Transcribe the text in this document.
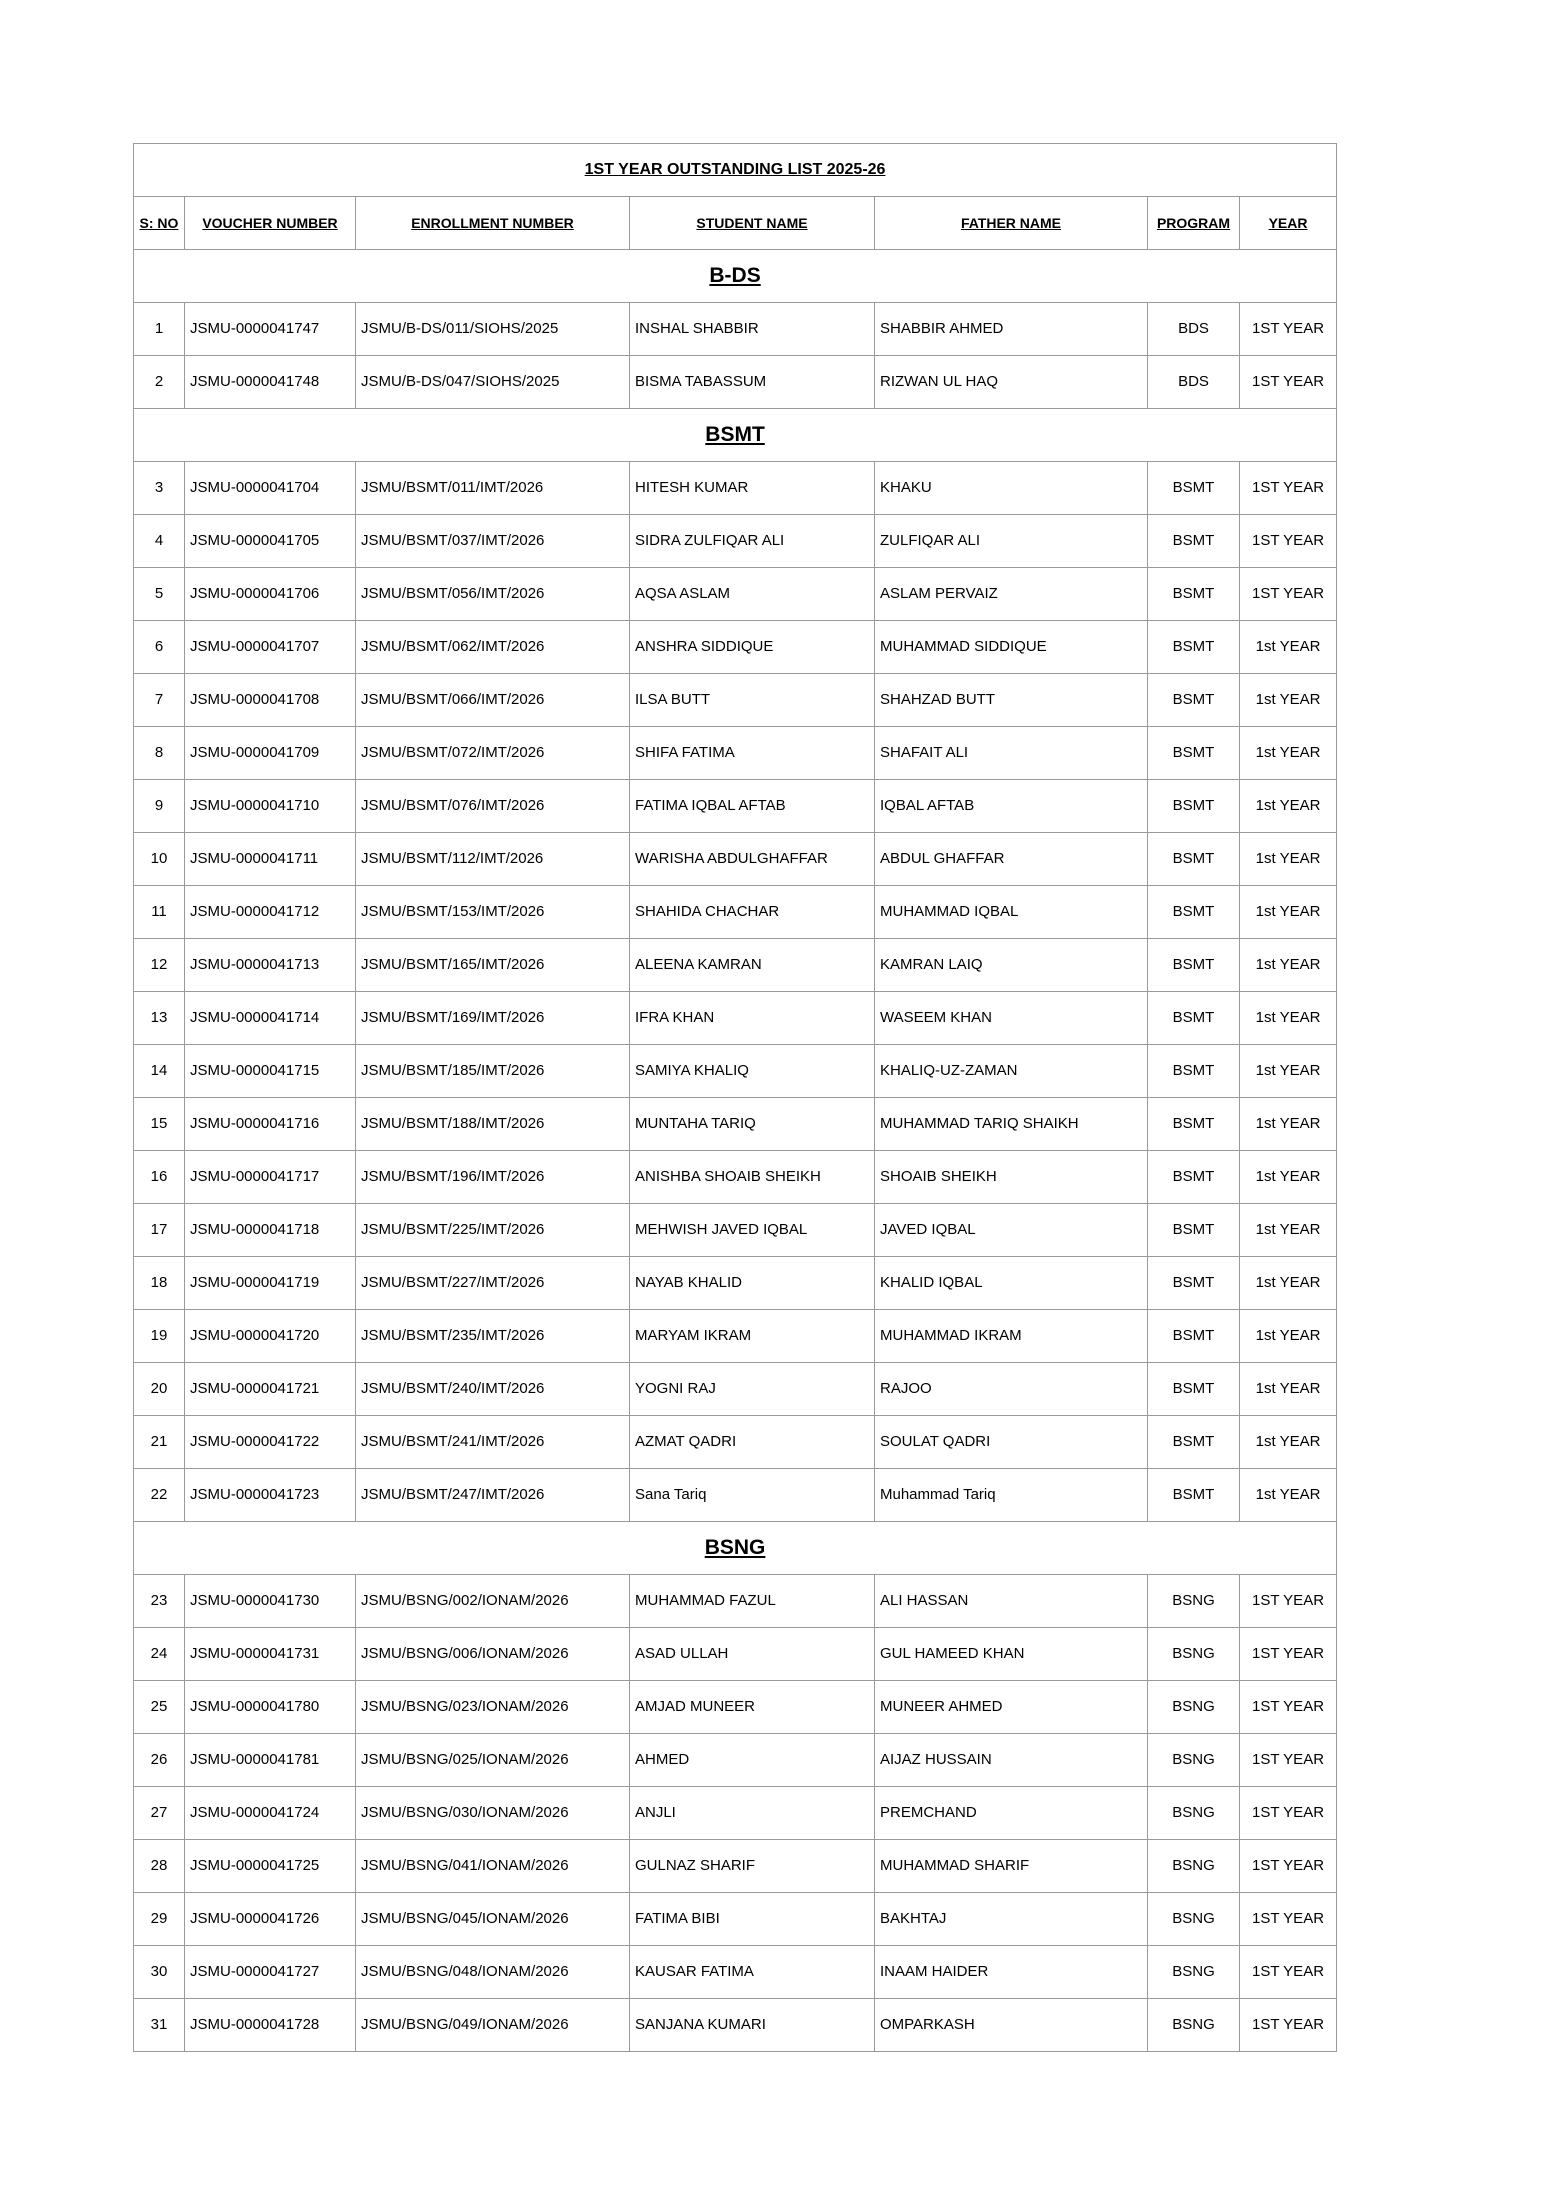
1ST YEAR OUTSTANDING LIST 2025-26						
S: NO	VOUCHER NUMBER	ENROLLMENT NUMBER	STUDENT NAME	FATHER NAME	PROGRAM	YEAR
B-DS						
1	JSMU-0000041747	JSMU/B-DS/011/SIOHS/2025	INSHAL SHABBIR	SHABBIR AHMED	BDS	1ST YEAR
2	JSMU-0000041748	JSMU/B-DS/047/SIOHS/2025	BISMA TABASSUM	RIZWAN UL HAQ	BDS	1ST YEAR
BSMT						
3	JSMU-0000041704	JSMU/BSMT/011/IMT/2026	HITESH KUMAR	KHAKU	BSMT	1ST YEAR
4	JSMU-0000041705	JSMU/BSMT/037/IMT/2026	SIDRA ZULFIQAR ALI	ZULFIQAR ALI	BSMT	1ST YEAR
5	JSMU-0000041706	JSMU/BSMT/056/IMT/2026	AQSA ASLAM	ASLAM PERVAIZ	BSMT	1ST YEAR
6	JSMU-0000041707	JSMU/BSMT/062/IMT/2026	ANSHRA SIDDIQUE	MUHAMMAD SIDDIQUE	BSMT	1st YEAR
7	JSMU-0000041708	JSMU/BSMT/066/IMT/2026	ILSA BUTT	SHAHZAD BUTT	BSMT	1st YEAR
8	JSMU-0000041709	JSMU/BSMT/072/IMT/2026	SHIFA FATIMA	SHAFAIT ALI	BSMT	1st YEAR
9	JSMU-0000041710	JSMU/BSMT/076/IMT/2026	FATIMA IQBAL AFTAB	IQBAL AFTAB	BSMT	1st YEAR
10	JSMU-0000041711	JSMU/BSMT/112/IMT/2026	WARISHA ABDULGHAFFAR	ABDUL GHAFFAR	BSMT	1st YEAR
11	JSMU-0000041712	JSMU/BSMT/153/IMT/2026	SHAHIDA CHACHAR	MUHAMMAD IQBAL	BSMT	1st YEAR
12	JSMU-0000041713	JSMU/BSMT/165/IMT/2026	ALEENA KAMRAN	KAMRAN LAIQ	BSMT	1st YEAR
13	JSMU-0000041714	JSMU/BSMT/169/IMT/2026	IFRA KHAN	WASEEM KHAN	BSMT	1st YEAR
14	JSMU-0000041715	JSMU/BSMT/185/IMT/2026	SAMIYA KHALIQ	KHALIQ-UZ-ZAMAN	BSMT	1st YEAR
15	JSMU-0000041716	JSMU/BSMT/188/IMT/2026	MUNTAHA TARIQ	MUHAMMAD TARIQ SHAIKH	BSMT	1st YEAR
16	JSMU-0000041717	JSMU/BSMT/196/IMT/2026	ANISHBA SHOAIB SHEIKH	SHOAIB SHEIKH	BSMT	1st YEAR
17	JSMU-0000041718	JSMU/BSMT/225/IMT/2026	MEHWISH JAVED IQBAL	JAVED IQBAL	BSMT	1st YEAR
18	JSMU-0000041719	JSMU/BSMT/227/IMT/2026	NAYAB KHALID	KHALID IQBAL	BSMT	1st YEAR
19	JSMU-0000041720	JSMU/BSMT/235/IMT/2026	MARYAM IKRAM	MUHAMMAD IKRAM	BSMT	1st YEAR
20	JSMU-0000041721	JSMU/BSMT/240/IMT/2026	YOGNI RAJ	RAJOO	BSMT	1st YEAR
21	JSMU-0000041722	JSMU/BSMT/241/IMT/2026	AZMAT QADRI	SOULAT QADRI	BSMT	1st YEAR
22	JSMU-0000041723	JSMU/BSMT/247/IMT/2026	Sana Tariq	Muhammad Tariq	BSMT	1st YEAR
BSNG						
23	JSMU-0000041730	JSMU/BSNG/002/IONAM/2026	MUHAMMAD FAZUL	ALI HASSAN	BSNG	1ST YEAR
24	JSMU-0000041731	JSMU/BSNG/006/IONAM/2026	ASAD ULLAH	GUL HAMEED KHAN	BSNG	1ST YEAR
25	JSMU-0000041780	JSMU/BSNG/023/IONAM/2026	AMJAD MUNEER	MUNEER AHMED	BSNG	1ST YEAR
26	JSMU-0000041781	JSMU/BSNG/025/IONAM/2026	AHMED	AIJAZ HUSSAIN	BSNG	1ST YEAR
27	JSMU-0000041724	JSMU/BSNG/030/IONAM/2026	ANJLI	PREMCHAND	BSNG	1ST YEAR
28	JSMU-0000041725	JSMU/BSNG/041/IONAM/2026	GULNAZ SHARIF	MUHAMMAD SHARIF	BSNG	1ST YEAR
29	JSMU-0000041726	JSMU/BSNG/045/IONAM/2026	FATIMA BIBI	BAKHTAJ	BSNG	1ST YEAR
30	JSMU-0000041727	JSMU/BSNG/048/IONAM/2026	KAUSAR FATIMA	INAAM HAIDER	BSNG	1ST YEAR
31	JSMU-0000041728	JSMU/BSNG/049/IONAM/2026	SANJANA KUMARI	OMPARKASH	BSNG	1ST YEAR
